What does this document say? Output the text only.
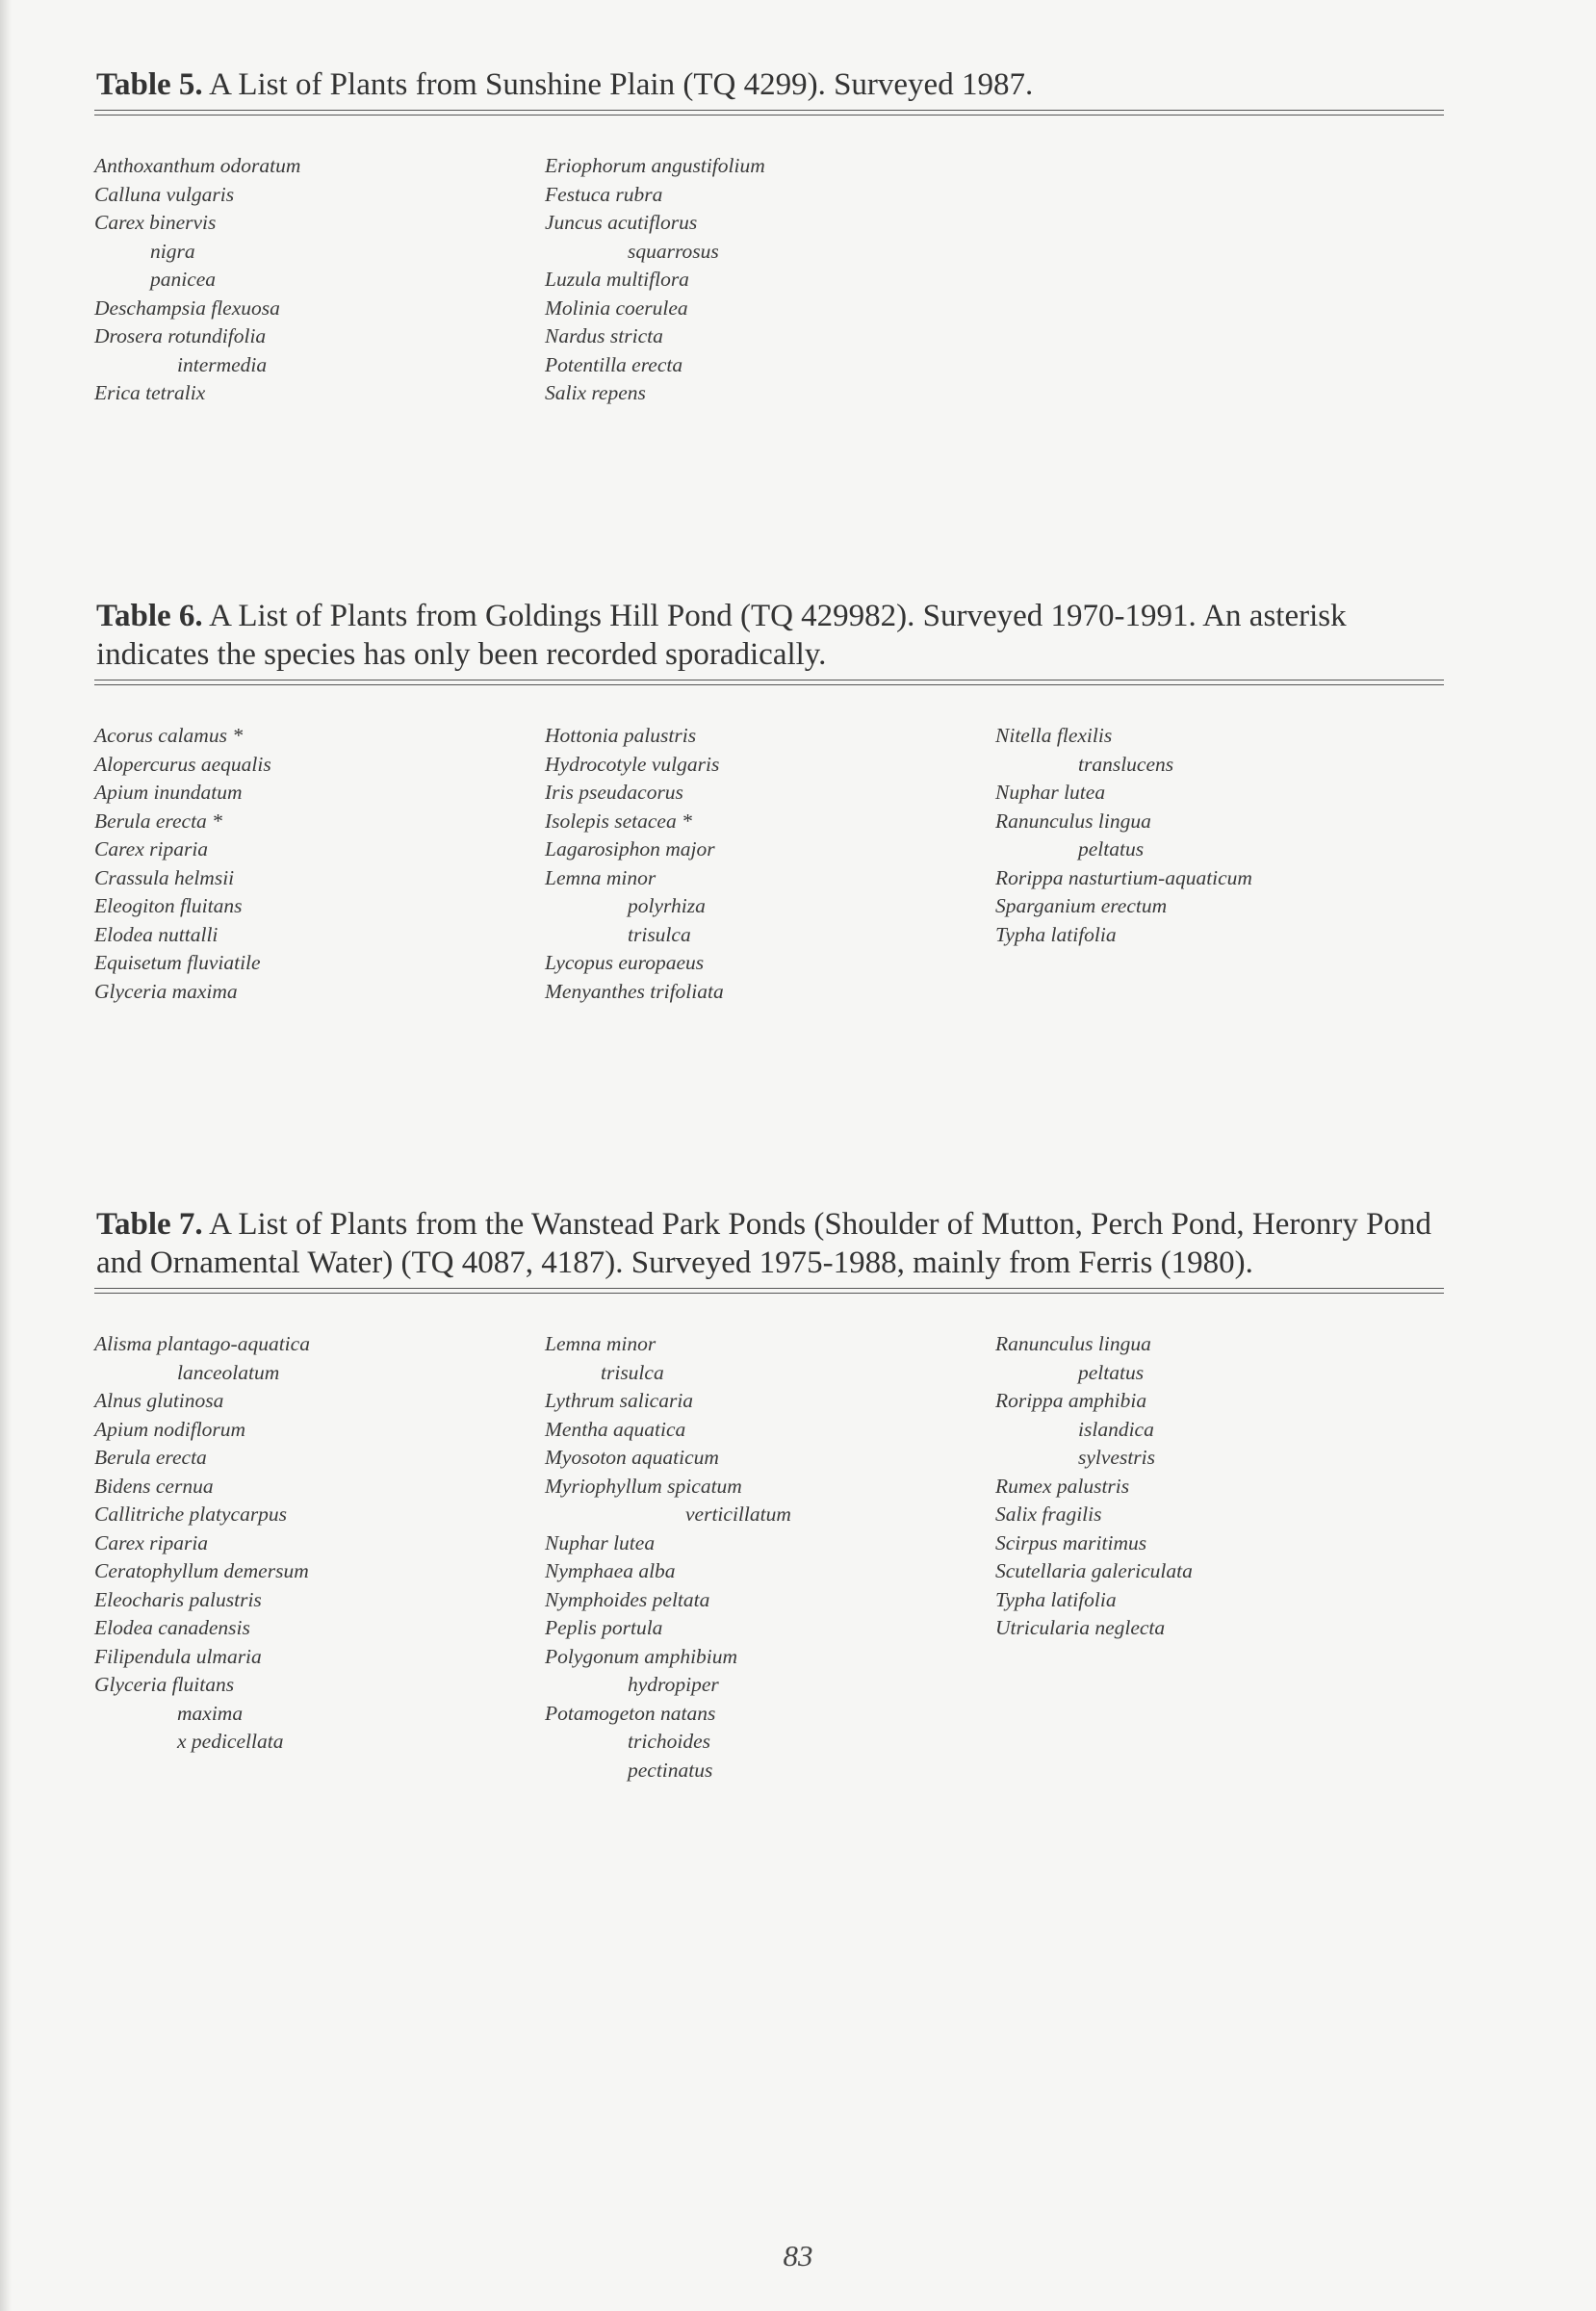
Table 5. A List of Plants from Sunshine Plain (TQ 4299). Surveyed 1987.

Anthoxanthum odoratum
Calluna vulgaris
Carex binervis
nigra
panicea
Deschampsia flexuosa
Drosera rotundifolia
intermedia
Erica tetralix
Eriophorum angustifolium
Festuca rubra
Juncus acutiflorus
squarrosus
Luzula multiflora
Molinia coerulea
Nardus stricta
Potentilla erecta
Salix repens

Table 6. A List of Plants from Goldings Hill Pond (TQ 429982). Surveyed 1970-1991. An asterisk indicates the species has only been recorded sporadically.

Acorus calamus *
Alopercurus aequalis
Apium inundatum
Berula erecta *
Carex riparia
Crassula helmsii
Eleogiton fluitans
Elodea nuttalli
Equisetum fluviatile
Glyceria maxima
Hottonia palustris
Hydrocotyle vulgaris
Iris pseudacorus
Isolepis setacea *
Lagarosiphon major
Lemna minor
polyrhiza
trisulca
Lycopus europaeus
Menyanthes trifoliata
Nitella flexilis
translucens
Nuphar lutea
Ranunculus lingua
peltatus
Rorippa nasturtium-aquaticum
Sparganium erectum
Typha latifolia

Table 7. A List of Plants from the Wanstead Park Ponds (Shoulder of Mutton, Perch Pond, Heronry Pond and Ornamental Water) (TQ 4087, 4187). Surveyed 1975-1988, mainly from Ferris (1980).

Alisma plantago-aquatica
lanceolatum
Alnus glutinosa
Apium nodiflorum
Berula erecta
Bidens cernua
Callitriche platycarpus
Carex riparia
Ceratophyllum demersum
Eleocharis palustris
Elodea canadensis
Filipendula ulmaria
Glyceria fluitans
maxima
x pedicellata
Lemna minor
trisulca
Lythrum salicaria
Mentha aquatica
Myosoton aquaticum
Myriophyllum spicatum
verticillatum
Nuphar lutea
Nymphaea alba
Nymphoides peltata
Peplis portula
Polygonum amphibium
hydropiper
Potamogeton natans
trichoides
pectinatus
Ranunculus lingua
peltatus
Rorippa amphibia
islandica
sylvestris
Rumex palustris
Salix fragilis
Scirpus maritimus
Scutellaria galericulata
Typha latifolia
Utricularia neglecta
83
